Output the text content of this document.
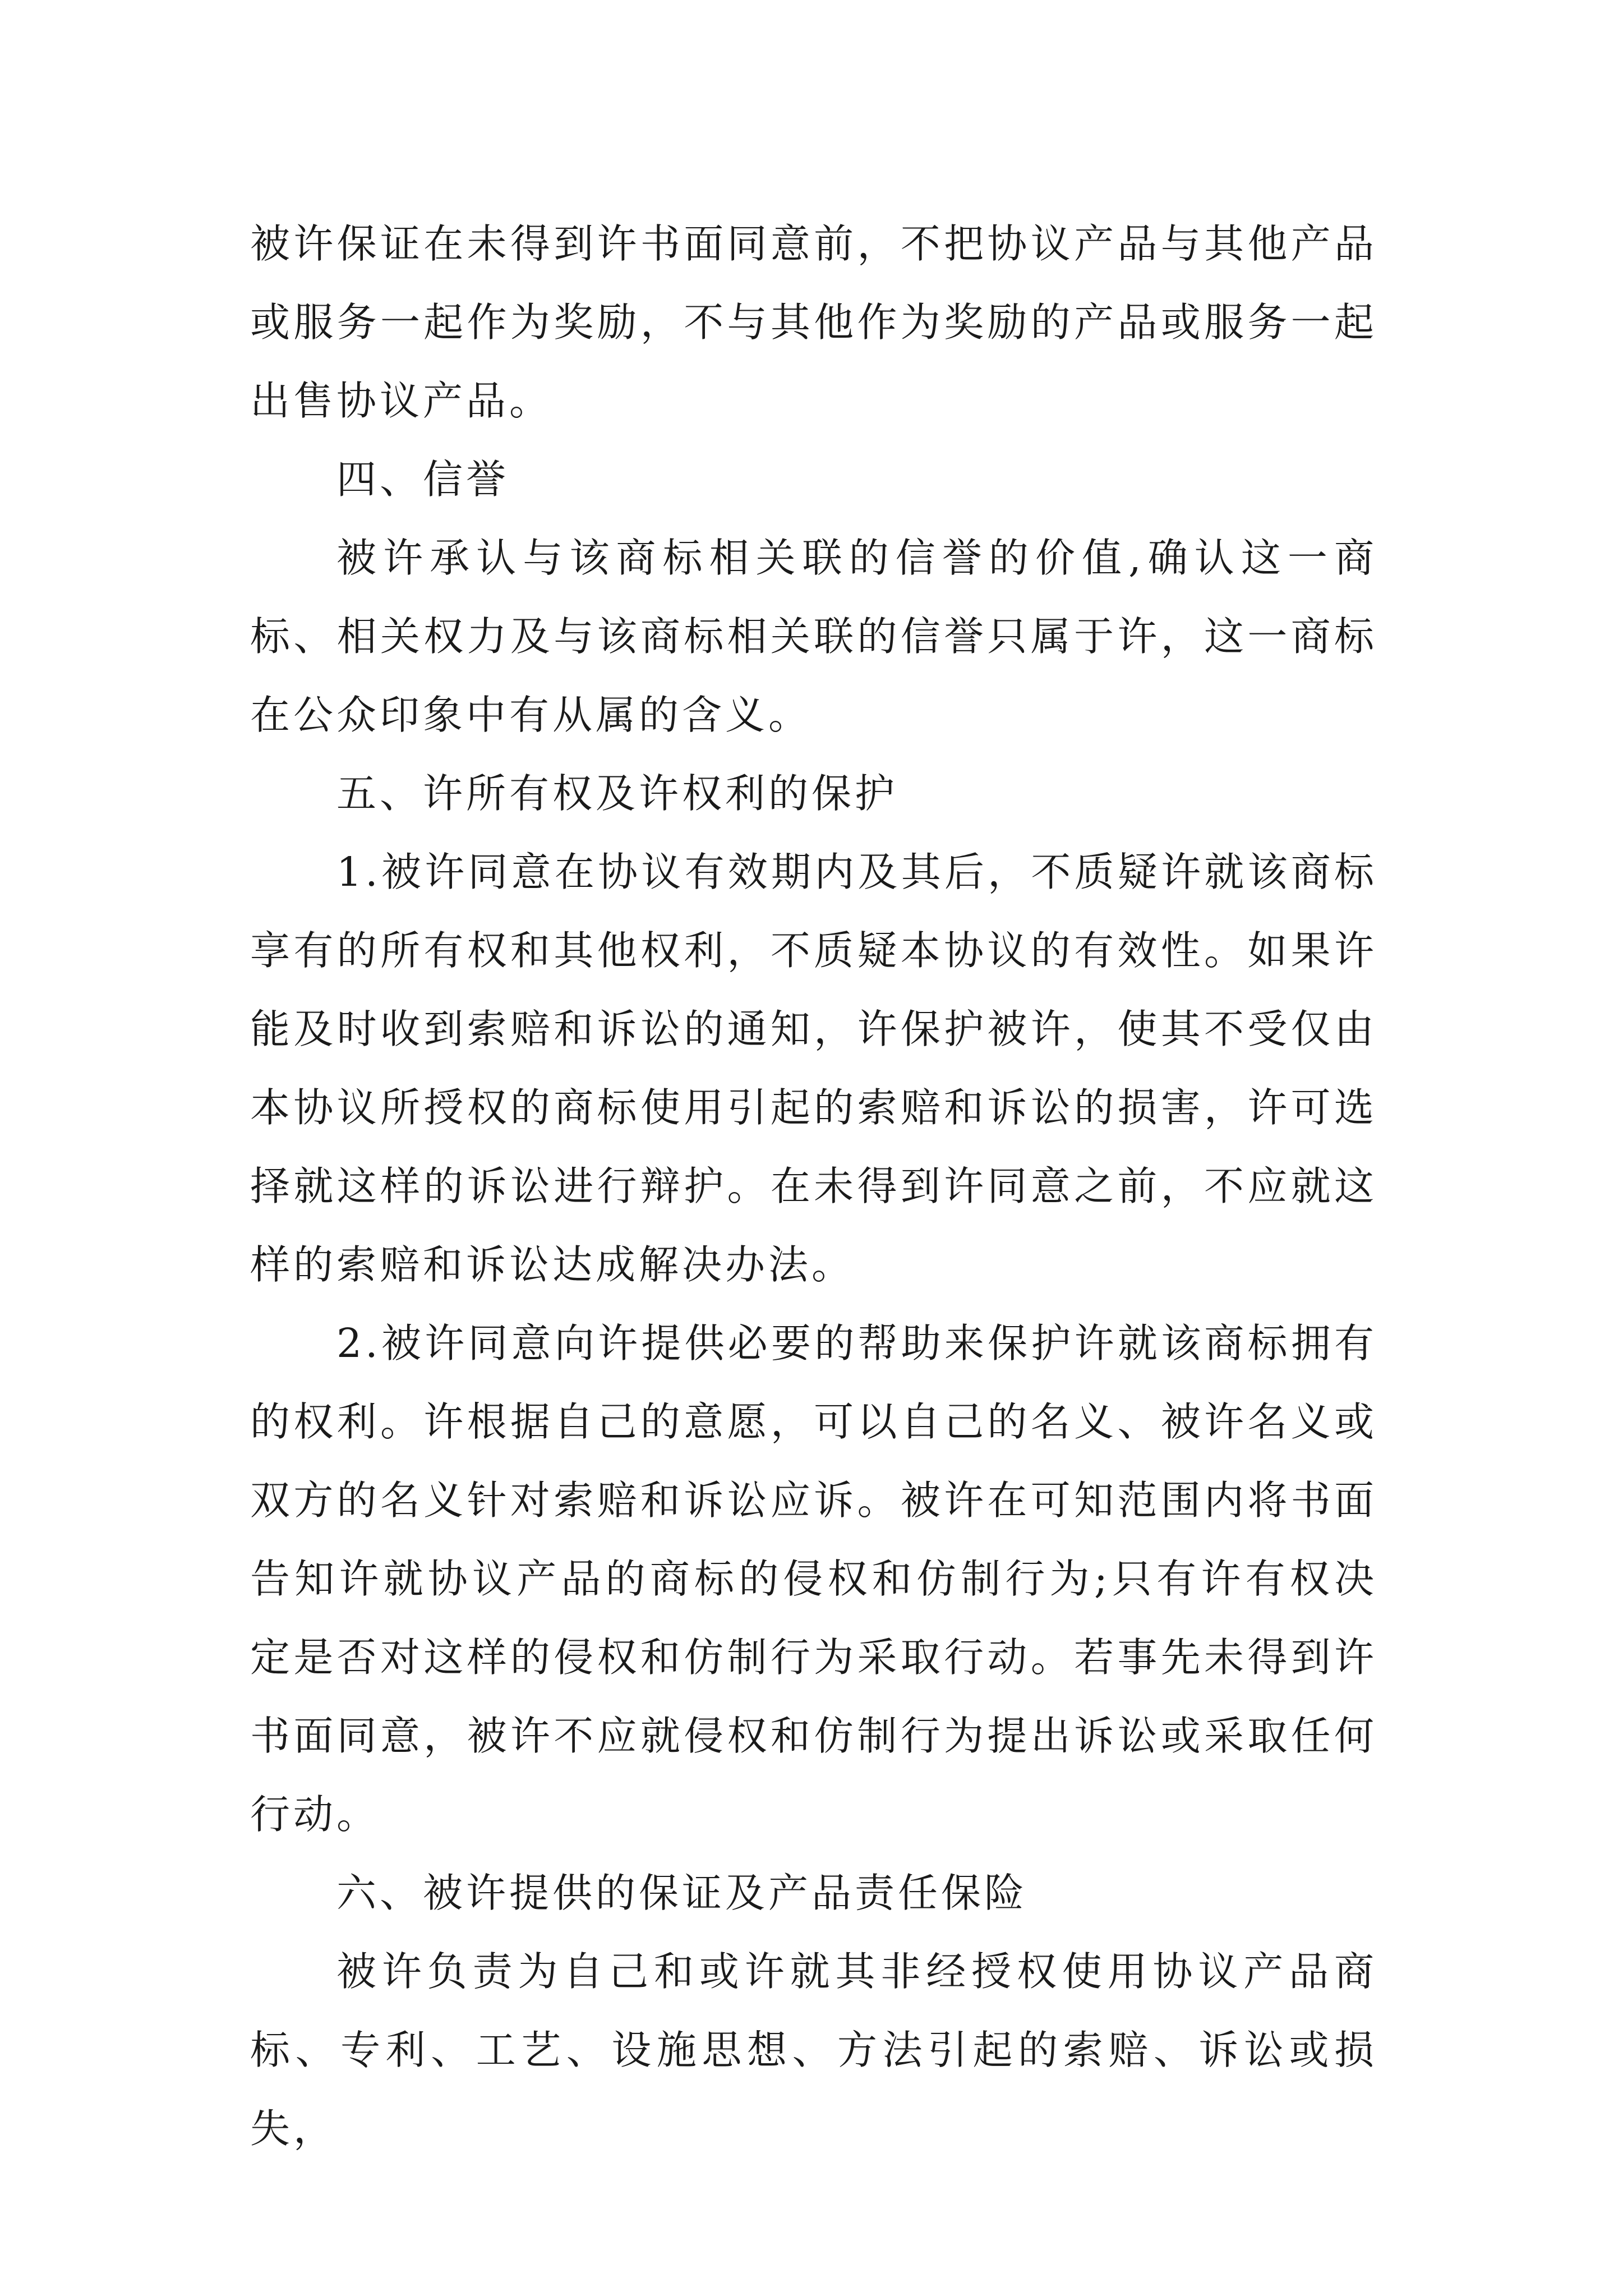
被许保证在未得到许书面同意前，不把协议产品与其他产品或服务一起作为奖励，不与其他作为奖励的产品或服务一起出售协议产品。

四、信誉

被许承认与该商标相关联的信誉的价值,确认这一商标、相关权力及与该商标相关联的信誉只属于许，这一商标在公众印象中有从属的含义。

五、许所有权及许权利的保护

1.被许同意在协议有效期内及其后，不质疑许就该商标享有的所有权和其他权利，不质疑本协议的有效性。如果许能及时收到索赔和诉讼的通知，许保护被许，使其不受仅由本协议所授权的商标使用引起的索赔和诉讼的损害，许可选择就这样的诉讼进行辩护。在未得到许同意之前，不应就这样的索赔和诉讼达成解决办法。

2.被许同意向许提供必要的帮助来保护许就该商标拥有的权利。许根据自己的意愿，可以自己的名义、被许名义或双方的名义针对索赔和诉讼应诉。被许在可知范围内将书面告知许就协议产品的商标的侵权和仿制行为;只有许有权决定是否对这样的侵权和仿制行为采取行动。若事先未得到许书面同意，被许不应就侵权和仿制行为提出诉讼或采取任何行动。

六、被许提供的保证及产品责任保险

被许负责为自己和或许就其非经授权使用协议产品商标、专利、工艺、设施思想、方法引起的索赔、诉讼或损失，
